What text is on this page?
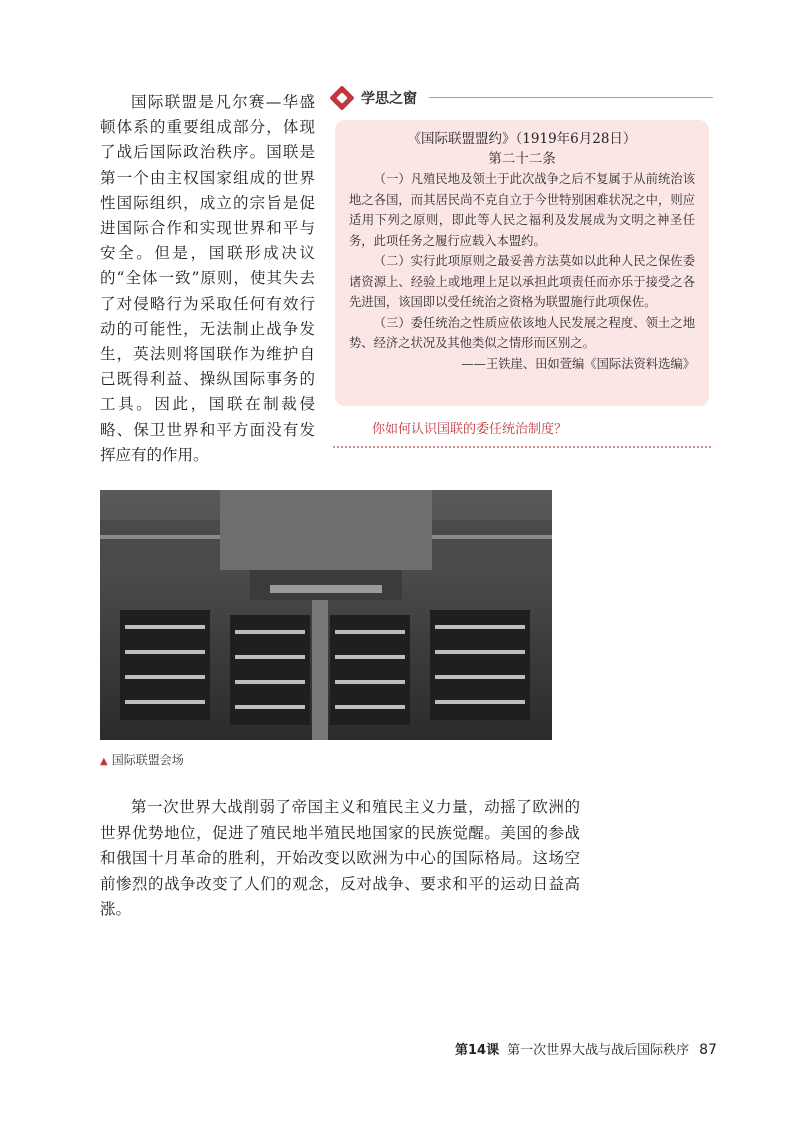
国际联盟是凡尔赛—华盛顿体系的重要组成部分，体现了战后国际政治秩序。国联是第一个由主权国家组成的世界性国际组织，成立的宗旨是促进国际合作和实现世界和平与安全。但是，国联形成决议的“全体一致”原则，使其失去了对侵略行为采取任何有效行动的可能性，无法制止战争发生，英法则将国联作为维护自己既得利益、操纵国际事务的工具。因此，国联在制裁侵略、保卫世界和平方面没有发挥应有的作用。
学思之窗
《国际联盟盟约》（1919年6月28日）
第二十二条

（一）凡殖民地及领土于此次战争之后不复属于从前统治该地之各国，而其居民尚不克自立于今世特别困难状况之中，则应适用下列之原则，即此等人民之福利及发展成为文明之神圣任务，此项任务之履行应载入本盟约。

（二）实行此项原则之最妥善方法莫如以此种人民之保佐委诸资源上、经验上或地理上足以承担此项责任而亦乐于接受之各先进国，该国即以受任统治之资格为联盟施行此项保佐。

（三）委任统治之性质应依该地人民发展之程度、领土之地势、经济之状况及其他类似之情形而区别之。

——王铁崖、田如萱编《国际法资料选编》
你如何认识国联的委任统治制度？
▲ 国际联盟会场
第一次世界大战削弱了帝国主义和殖民主义力量，动摇了欧洲的世界优势地位，促进了殖民地半殖民地国家的民族觉醒。美国的参战和俄国十月革命的胜利，开始改变以欧洲为中心的国际格局。这场空前惨烈的战争改变了人们的观念，反对战争、要求和平的运动日益高涨。
第14课 第一次世界大战与战后国际秩序 87
